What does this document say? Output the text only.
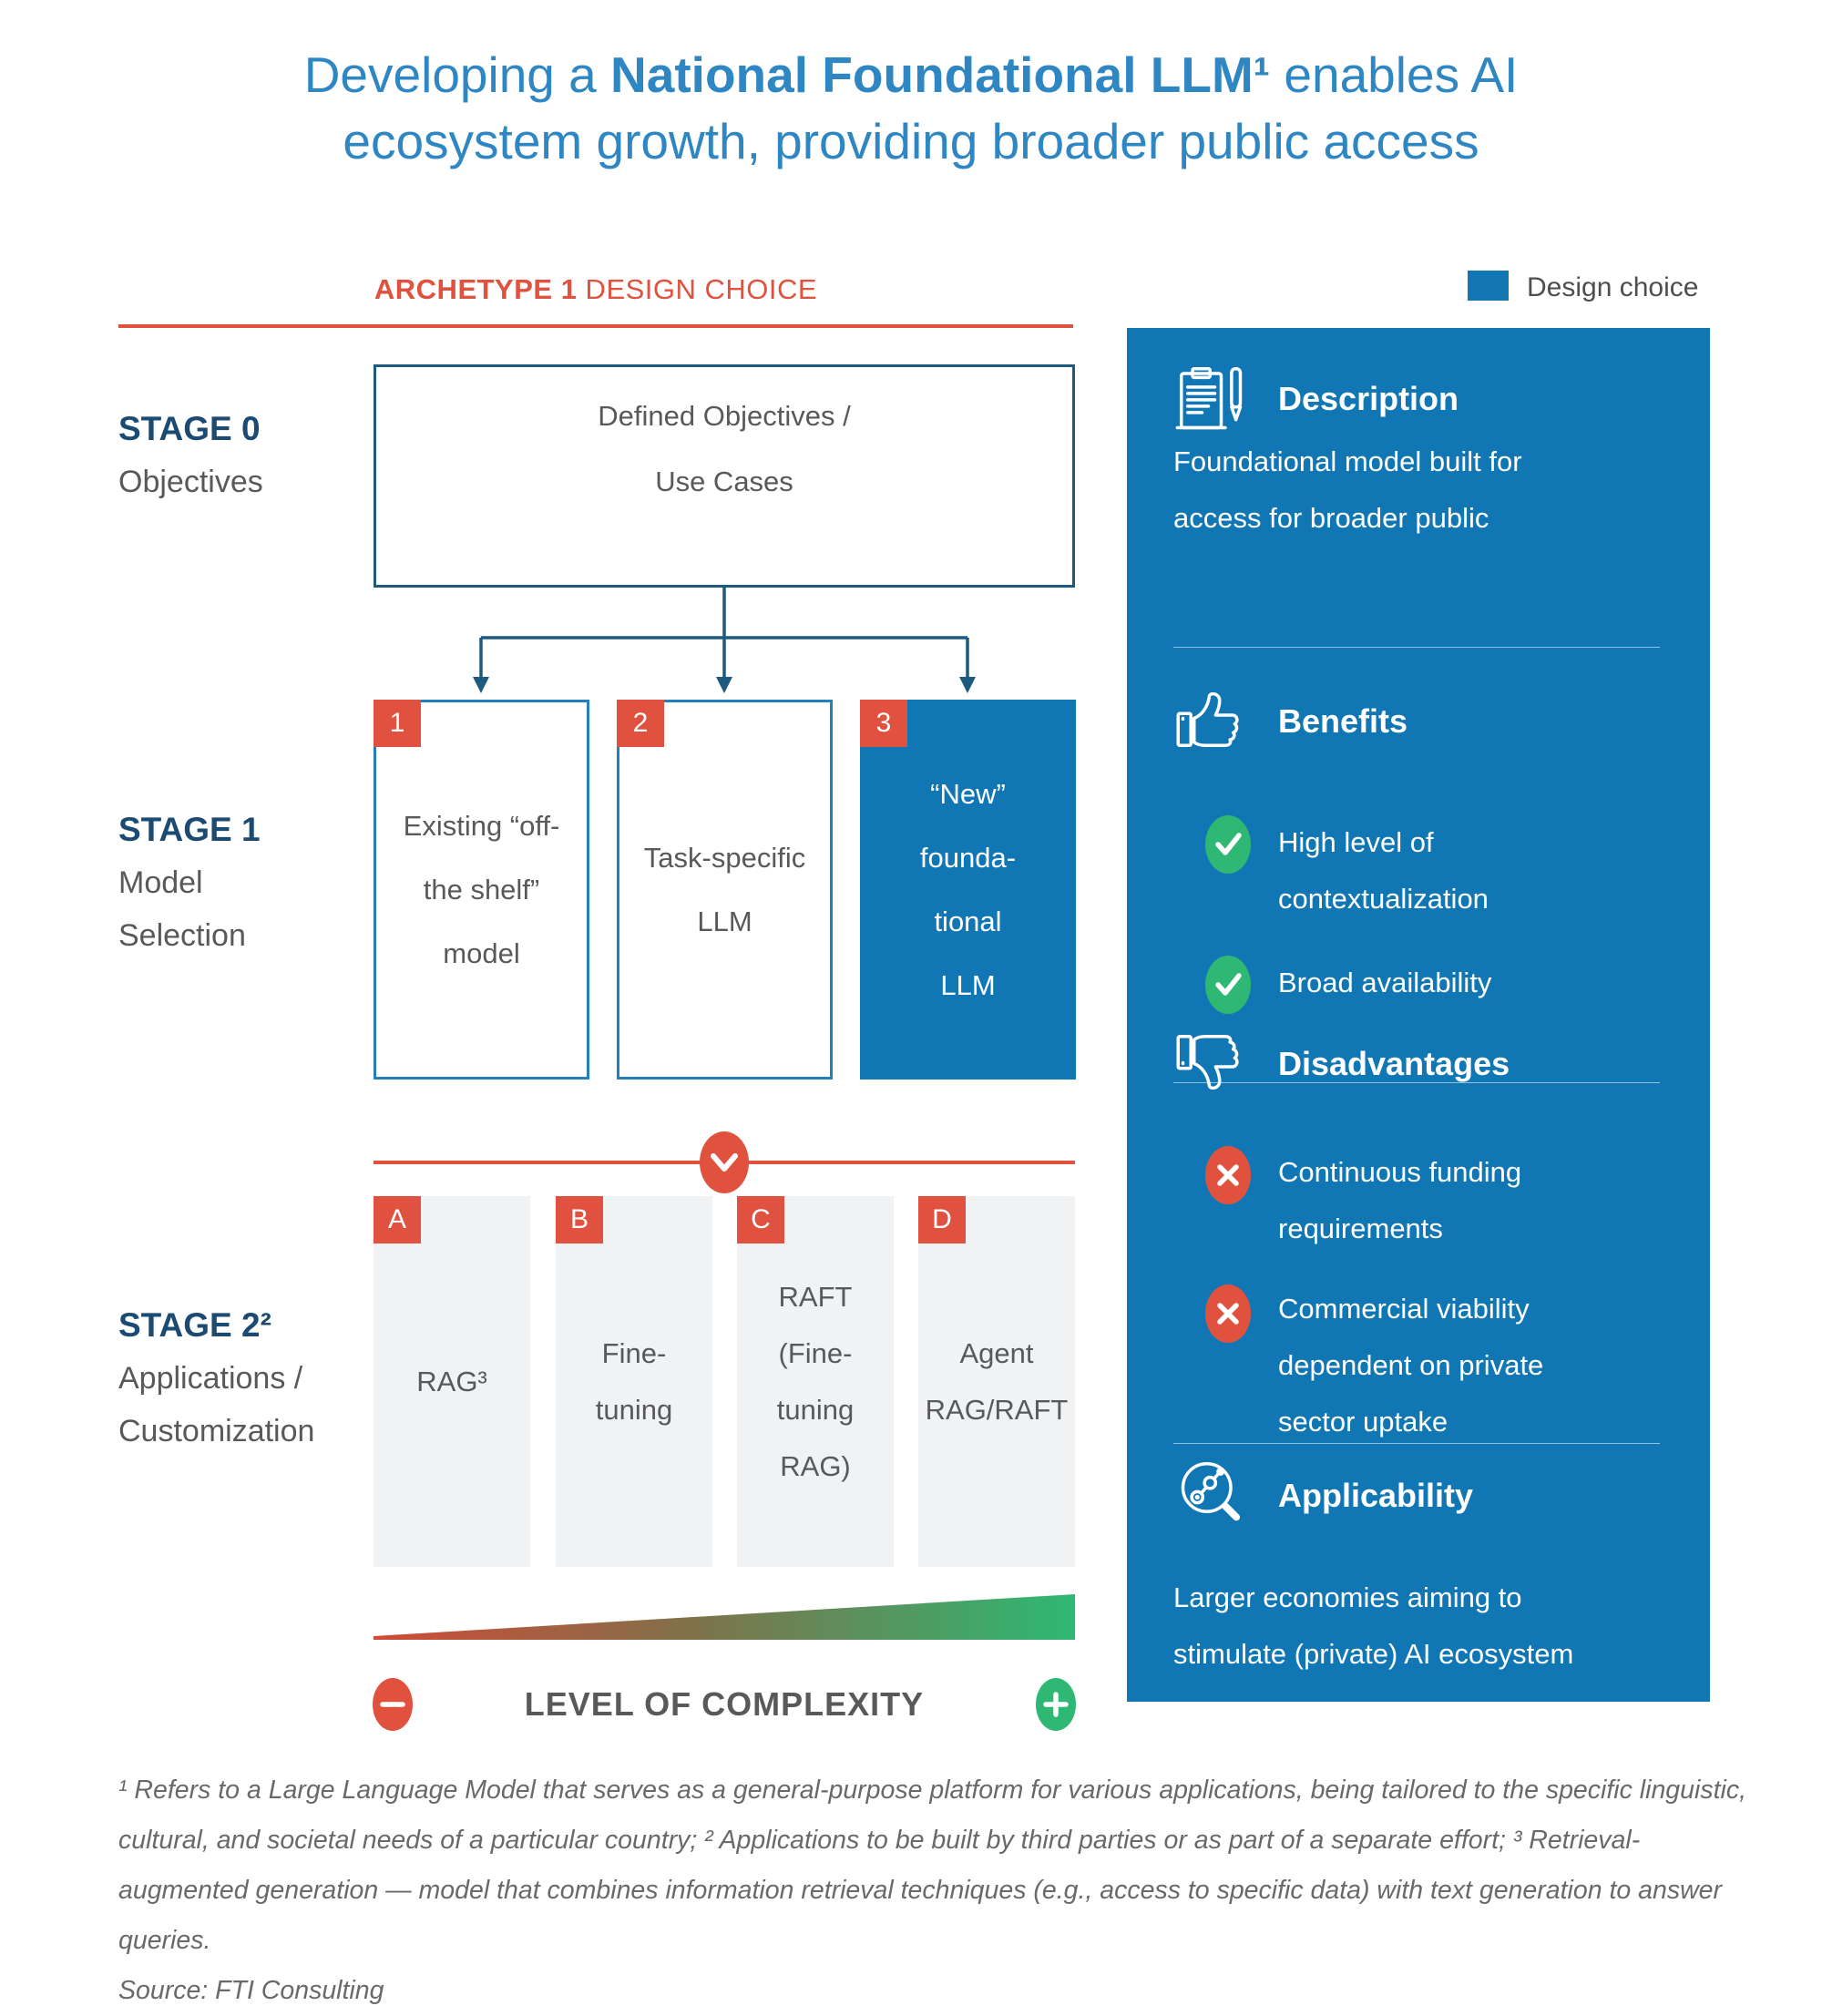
Developing a National Foundational LLM¹ enables AI ecosystem growth, providing broader public access
ARCHETYPE 1 DESIGN CHOICE	Design choice
STAGE 0
Objectives
STAGE 1
Model
Selection
STAGE 2²
Applications /
Customization
Defined Objectives /
Use Cases
1
Existing “off-
the shelf”
model
2
Task-specific
LLM
3
“New”
founda-
tional
LLM
A
RAG³
B
Fine-
tuning
C
RAFT
(Fine-
tuning
RAG)
D
Agent
RAG/RAFT
LEVEL OF COMPLEXITY
Description
Foundational model built for
access for broader public
Benefits
High level of
contextualization
Broad availability
Disadvantages
Continuous funding
requirements
Commercial viability
dependent on private
sector uptake
Applicability
Larger economies aiming to
stimulate (private) AI ecosystem
¹ Refers to a Large Language Model that serves as a general-purpose platform for various applications, being tailored to the specific linguistic, cultural, and societal needs of a particular country; ² Applications to be built by third parties or as part of a separate effort; ³ Retrieval-augmented generation — model that combines information retrieval techniques (e.g., access to specific data) with text generation to answer queries.
Source: FTI Consulting
